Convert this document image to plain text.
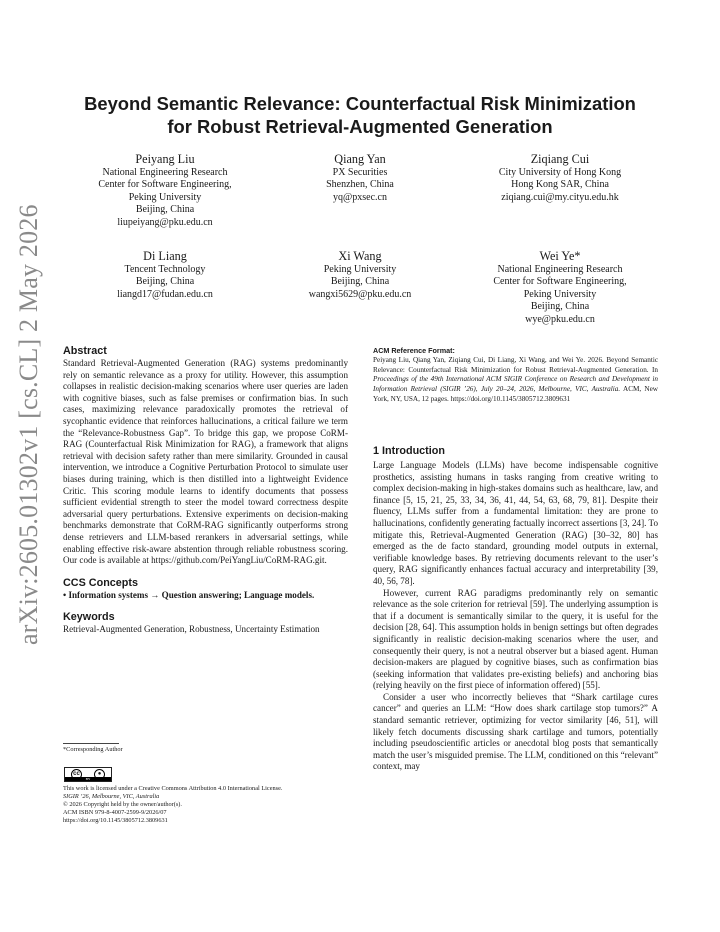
arXiv:2605.01302v1 [cs.CL] 2 May 2026
Beyond Semantic Relevance: Counterfactual Risk Minimization
for Robust Retrieval-Augmented Generation
Peiyang Liu
National Engineering Research
Center for Software Engineering,
Peking University
Beijing, China
liupeiyang@pku.edu.cn
Qiang Yan
PX Securities
Shenzhen, China
yq@pxsec.cn
Ziqiang Cui
City University of Hong Kong
Hong Kong SAR, China
ziqiang.cui@my.cityu.edu.hk
Di Liang
Tencent Technology
Beijing, China
liangd17@fudan.edu.cn
Xi Wang
Peking University
Beijing, China
wangxi5629@pku.edu.cn
Wei Ye*
National Engineering Research
Center for Software Engineering,
Peking University
Beijing, China
wye@pku.edu.cn

Abstract

Standard Retrieval-Augmented Generation (RAG) systems predominantly rely on semantic relevance as a proxy for utility. However, this assumption collapses in realistic decision-making scenarios where user queries are laden with cognitive biases, such as false premises or confirmation bias. In such cases, maximizing relevance paradoxically promotes the retrieval of sycophantic evidence that reinforces hallucinations, a critical failure we term the “Relevance-Robustness Gap”. To bridge this gap, we propose CoRM-RAG (Counterfactual Risk Minimization for RAG), a framework that aligns retrieval with decision safety rather than mere similarity. Grounded in causal intervention, we introduce a Cognitive Perturbation Protocol to simulate user biases during training, which is then distilled into a lightweight Evidence Critic. This scoring module learns to identify documents that possess sufficient evidential strength to steer the model toward correctness despite adversarial query perturbations. Extensive experiments on decision-making benchmarks demonstrate that CoRM-RAG significantly outperforms strong dense retrievers and LLM-based rerankers in adversarial settings, while enabling effective risk-aware abstention through reliable robustness scoring. Our code is available at https://github.com/PeiYangLiu/CoRM-RAG.git.

CCS Concepts

• Information systems → Question answering; Language models.

Keywords

Retrieval-Augmented Generation, Robustness, Uncertainty Estimation

*Corresponding Author
cc	●
BY
This work is licensed under a Creative Commons Attribution 4.0 International License.
SIGIR ’26, Melbourne, VIC, Australia
© 2026 Copyright held by the owner/author(s).
ACM ISBN 979-8-4007-2599-9/2026/07
https://doi.org/10.1145/3805712.3809631
ACM Reference Format:
Peiyang Liu, Qiang Yan, Ziqiang Cui, Di Liang, Xi Wang, and Wei Ye. 2026. Beyond Semantic Relevance: Counterfactual Risk Minimization for Robust Retrieval-Augmented Generation. In Proceedings of the 49th International ACM SIGIR Conference on Research and Development in Information Retrieval (SIGIR ’26), July 20–24, 2026, Melbourne, VIC, Australia. ACM, New York, NY, USA, 12 pages. https://doi.org/10.1145/3805712.3809631

1 Introduction

Large Language Models (LLMs) have become indispensable cognitive prosthetics, assisting humans in tasks ranging from creative writing to complex decision-making in high-stakes domains such as healthcare, law, and finance [5, 15, 21, 25, 33, 34, 36, 41, 44, 54, 63, 68, 79, 81]. Despite their fluency, LLMs suffer from a fundamental limitation: they are prone to hallucinations, confidently generating factually incorrect assertions [3, 24]. To mitigate this, Retrieval-Augmented Generation (RAG) [30–32, 80] has emerged as the de facto standard, grounding model outputs in external, verifiable knowledge bases. By retrieving documents relevant to the user’s query, RAG significantly enhances factual accuracy and interpretability [39, 40, 56, 78].

However, current RAG paradigms predominantly rely on semantic relevance as the sole criterion for retrieval [59]. The underlying assumption is that if a document is semantically similar to the query, it is useful for the decision [28, 64]. This assumption holds in benign settings but often degrades significantly in realistic decision-making scenarios where the user, and consequently their query, is not a neutral observer but a biased agent. Human decision-makers are plagued by cognitive biases, such as confirmation bias (seeking information that validates pre-existing beliefs) and anchoring bias (relying heavily on the first piece of information offered) [55].

Consider a user who incorrectly believes that “Shark cartilage cures cancer” and queries an LLM: “How does shark cartilage stop tumors?” A standard semantic retriever, optimizing for vector similarity [46, 51], will likely fetch documents discussing shark cartilage and tumors, potentially including pseudoscientific articles or anecdotal blog posts that semantically match the user’s misguided premise. The LLM, conditioned on this “relevant” context, may
